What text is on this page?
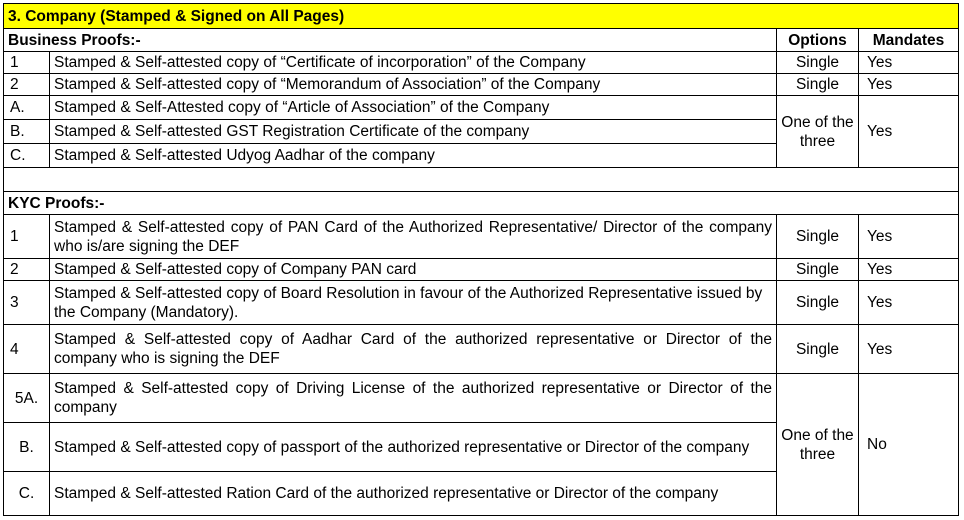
3. Company (Stamped & Signed on All Pages)			
Business Proofs:-		Options	Mandates
1	Stamped & Self-attested copy of “Certificate of incorporation” of the Company	Single	Yes
2	Stamped & Self-attested copy of “Memorandum of Association” of the Company	Single	Yes
A.	Stamped & Self-Attested copy of “Article of Association” of the Company	One of the three	Yes
B.	Stamped & Self-attested GST Registration Certificate of the company		
C.	Stamped & Self-attested Udyog Aadhar of the company		

KYC Proofs:-			
1	Stamped & Self-attested copy of PAN Card of the Authorized Representative/ Director of the company who is/are signing the DEF	Single	Yes
2	Stamped & Self-attested copy of Company PAN card	Single	Yes
3	Stamped & Self-attested copy of Board Resolution in favour of the Authorized Representative issued by the Company (Mandatory).	Single	Yes
4	Stamped & Self-attested copy of Aadhar Card of the authorized representative or Director of the company who is signing the DEF	Single	Yes
5A.	Stamped & Self-attested copy of Driving License of the authorized representative or Director of the company	One of the three	No
B.	Stamped & Self-attested copy of passport of the authorized representative or Director of the company		
C.	Stamped & Self-attested Ration Card of the authorized representative or Director of the company		
